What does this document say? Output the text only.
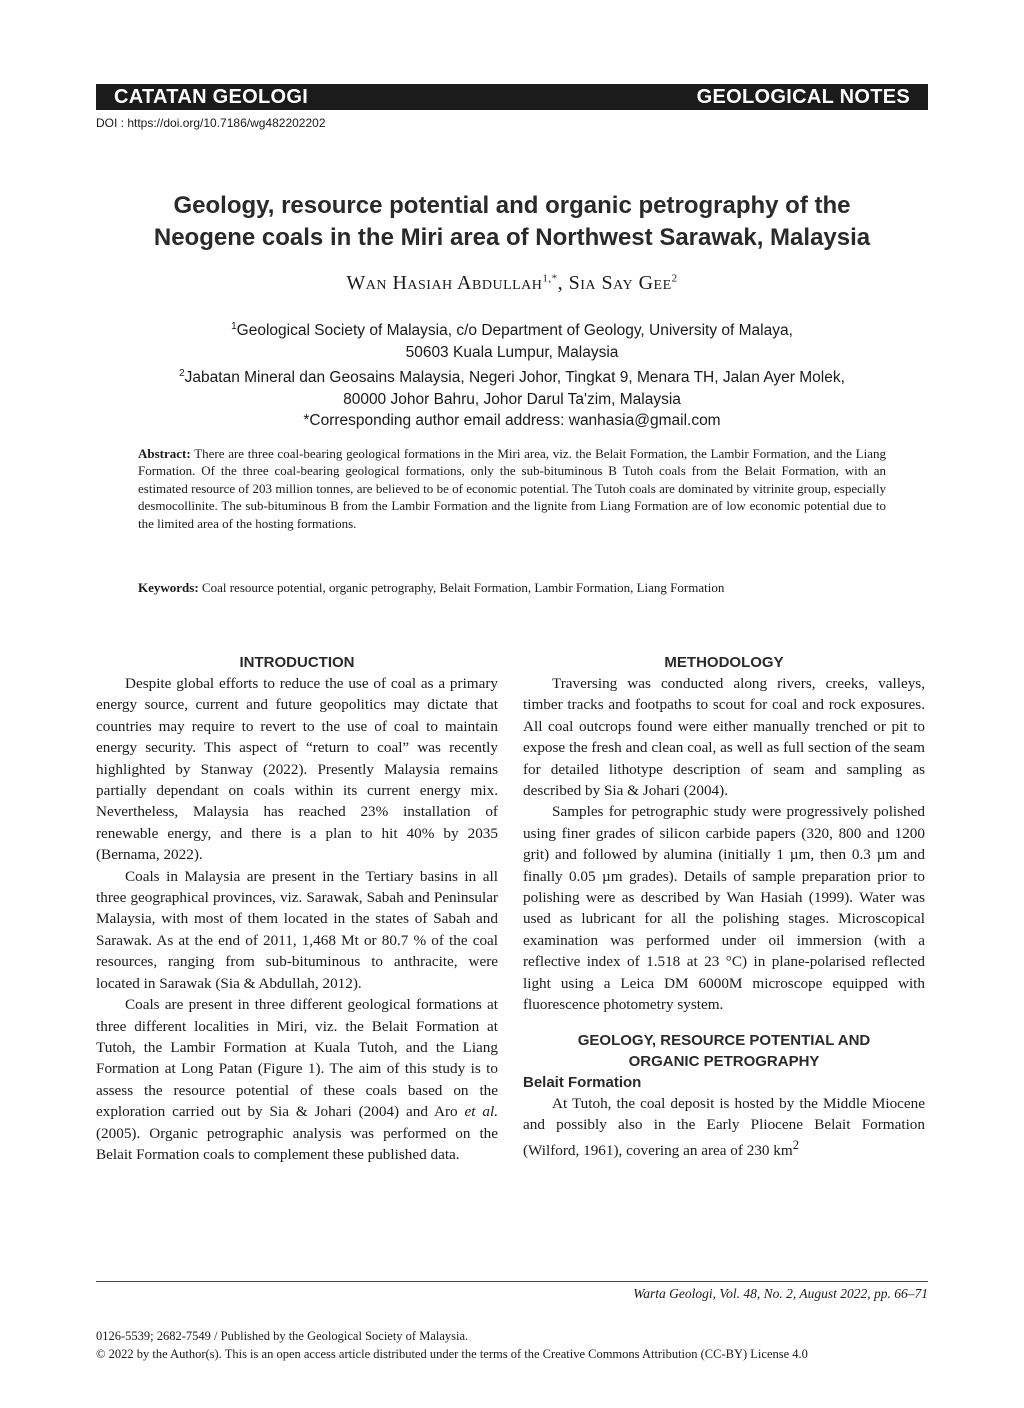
CATATAN GEOLOGI	GEOLOGICAL NOTES
DOI : https://doi.org/10.7186/wg482202202
Geology, resource potential and organic petrography of the
Neogene coals in the Miri area of Northwest Sarawak, Malaysia
Wan Hasiah Abdullah$^{1,*}$, Sia Say Gee$^2$
$^1$Geological Society of Malaysia, c/o Department of Geology, University of Malaya,
50603 Kuala Lumpur, Malaysia
$^2$Jabatan Mineral dan Geosains Malaysia, Negeri Johor, Tingkat 9, Menara TH, Jalan Ayer Molek,
80000 Johor Bahru, Johor Darul Ta'zim, Malaysia
*Corresponding author email address: wanhasia@gmail.com
Abstract: There are three coal-bearing geological formations in the Miri area, viz. the Belait Formation, the Lambir Formation, and the Liang Formation. Of the three coal-bearing geological formations, only the sub-bituminous B Tutoh coals from the Belait Formation, with an estimated resource of 203 million tonnes, are believed to be of economic potential. The Tutoh coals are dominated by vitrinite group, especially desmocollinite. The sub-bituminous B from the Lambir Formation and the lignite from Liang Formation are of low economic potential due to the limited area of the hosting formations.
Keywords: Coal resource potential, organic petrography, Belait Formation, Lambir Formation, Liang Formation
INTRODUCTION

Despite global efforts to reduce the use of coal as a primary energy source, current and future geopolitics may dictate that countries may require to revert to the use of coal to maintain energy security. This aspect of “return to coal” was recently highlighted by Stanway (2022). Presently Malaysia remains partially dependant on coals within its current energy mix. Nevertheless, Malaysia has reached 23% installation of renewable energy, and there is a plan to hit 40% by 2035 (Bernama, 2022).

Coals in Malaysia are present in the Tertiary basins in all three geographical provinces, viz. Sarawak, Sabah and Peninsular Malaysia, with most of them located in the states of Sabah and Sarawak. As at the end of 2011, 1,468 Mt or 80.7 % of the coal resources, ranging from sub-bituminous to anthracite, were located in Sarawak (Sia & Abdullah, 2012).

Coals are present in three different geological formations at three different localities in Miri, viz. the Belait Formation at Tutoh, the Lambir Formation at Kuala Tutoh, and the Liang Formation at Long Patan (Figure 1). The aim of this study is to assess the resource potential of these coals based on the exploration carried out by Sia & Johari (2004) and Aro et al. (2005). Organic petrographic analysis was performed on the Belait Formation coals to complement these published data.

METHODOLOGY

Traversing was conducted along rivers, creeks, valleys, timber tracks and footpaths to scout for coal and rock exposures. All coal outcrops found were either manually trenched or pit to expose the fresh and clean coal, as well as full section of the seam for detailed lithotype description of seam and sampling as described by Sia & Johari (2004).

Samples for petrographic study were progressively polished using finer grades of silicon carbide papers (320, 800 and 1200 grit) and followed by alumina (initially 1 µm, then 0.3 µm and finally 0.05 µm grades). Details of sample preparation prior to polishing were as described by Wan Hasiah (1999). Water was used as lubricant for all the polishing stages. Microscopical examination was performed under oil immersion (with a reflective index of 1.518 at 23 °C) in plane-polarised reflected light using a Leica DM 6000M microscope equipped with fluorescence photometry system.

GEOLOGY, RESOURCE POTENTIAL AND
ORGANIC PETROGRAPHY
Belait Formation

At Tutoh, the coal deposit is hosted by the Middle Miocene and possibly also in the Early Pliocene Belait Formation (Wilford, 1961), covering an area of 230 $km^2$

Warta Geologi, Vol. 48, No. 2, August 2022, pp. 66–71
0126-5539; 2682-7549 / Published by the Geological Society of Malaysia.
© 2022 by the Author(s). This is an open access article distributed under the terms of the Creative Commons Attribution (CC-BY) License 4.0
